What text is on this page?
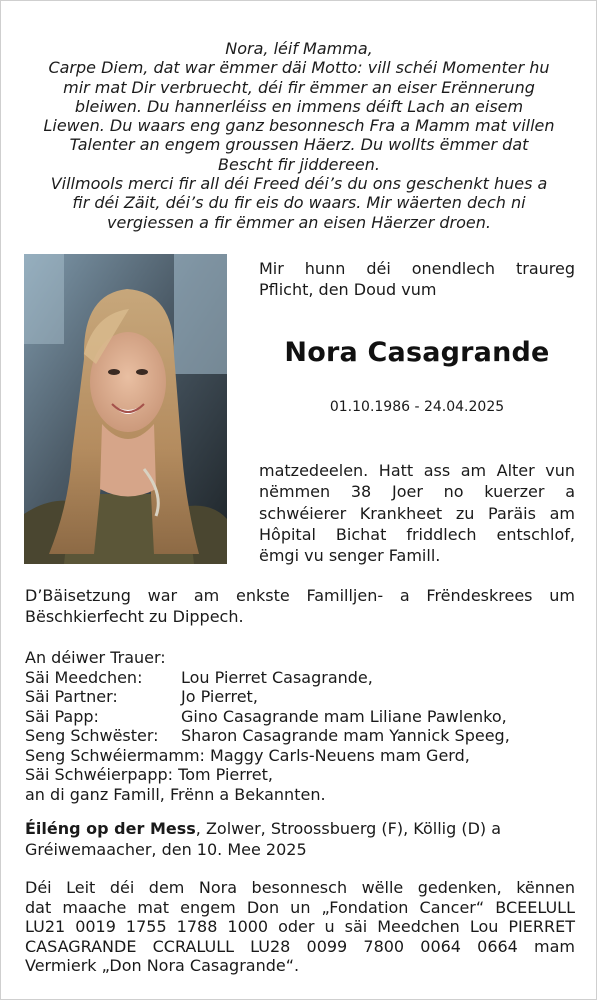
Nora, léif Mamma,
Carpe Diem, dat war ëmmer däi Motto: vill schéi Momenter hu
mir mat Dir verbruecht, déi fir ëmmer an eiser Erënnerung
bleiwen. Du hannerléiss en immens déift Lach an eisem
Liewen. Du waars eng ganz besonnesch Fra a Mamm mat villen
Talenter an engem groussen Häerz. Du wollts ëmmer dat
Bescht fir jiddereen.
Villmools merci fir all déi Freed déi’s du ons geschenkt hues a
fir déi Zäit, déi’s du fir eis do waars. Mir wäerten dech ni
vergiessen a fir ëmmer an eisen Häerzer droen.
Mir hunn déi onendlech traureg
Pflicht, den Doud vum
Nora Casagrande
01.10.1986 - 24.04.2025
matzedeelen. Hatt ass am Alter vun
nëmmen 38 Joer no kuerzer a
schwéierer Krankheet zu Paräis am
Hôpital Bichat friddlech entschlof,
ëmgi vu senger Famill.
D’Bäisetzung war am enkste Familljen- a Frëndeskrees um
Bëschkierfecht zu Dippech.
An déiwer Trauer:
Säi Meedchen: Lou Pierret Casagrande,
Säi Partner:	Jo Pierret,
Säi Papp:	Gino Casagrande mam Liliane Pawlenko,
Seng Schwëster: Sharon Casagrande mam Yannick Speeg,
Seng Schwéiermamm: Maggy Carls-Neuens mam Gerd,
Säi Schwéierpapp: Tom Pierret,
an di ganz Famill, Frënn a Bekannten.
Éiléng op der Mess, Zolwer, Stroossbuerg (F), Köllig (D) a
Gréiwemaacher, den 10. Mee 2025
Déi Leit déi dem Nora besonnesch wëlle gedenken, kënnen
dat maache mat engem Don un „Fondation Cancer“ BCEELULL
LU21 0019 1755 1788 1000 oder u säi Meedchen Lou PIERRET
CASAGRANDE CCRALULL LU28 0099 7800 0064 0664 mam
Vermierk „Don Nora Casagrande“.
